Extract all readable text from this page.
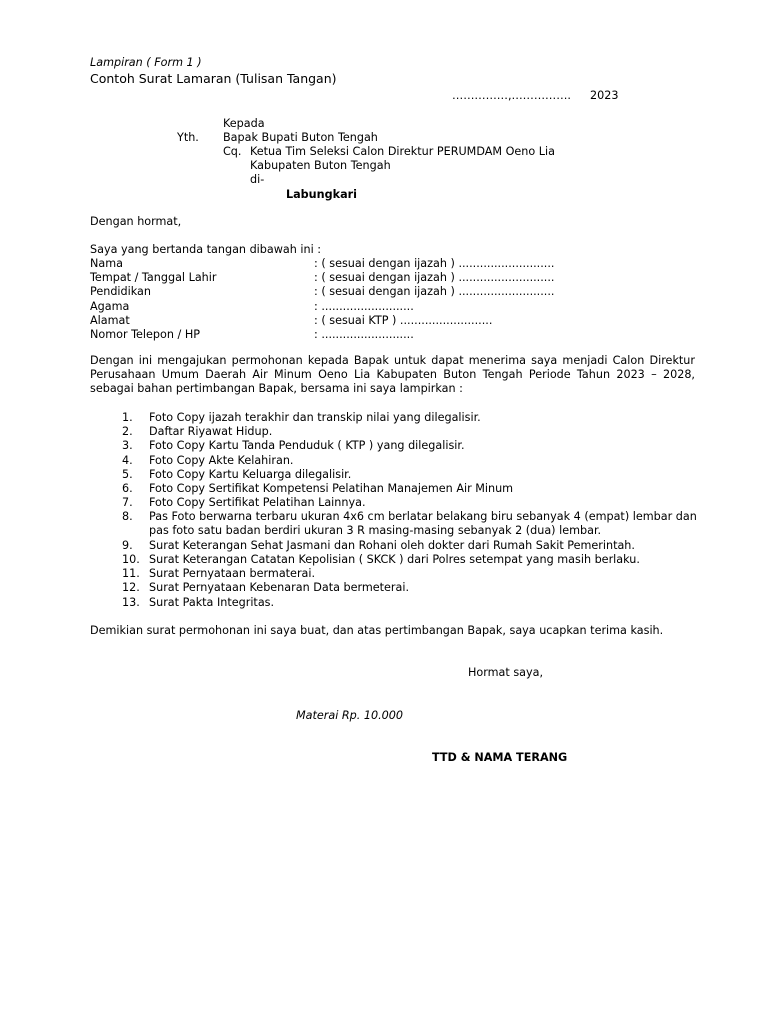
Lampiran ( Form 1 )
Contoh Surat Lamaran (Tulisan Tangan)
……………,……………. 2023
Kepada
Yth. Bapak Bupati Buton Tengah
Cq. Ketua Tim Seleksi Calon Direktur PERUMDAM Oeno Lia
Kabupaten Buton Tengah
di-
Labungkari
Dengan hormat,
Saya yang bertanda tangan dibawah ini :
Nama	: ( sesuai dengan ijazah ) ...........................
Tempat / Tanggal Lahir	: ( sesuai dengan ijazah ) ...........................
Pendidikan	: ( sesuai dengan ijazah ) ...........................
Agama	: ..........................
Alamat	: ( sesuai KTP ) ..........................
Nomor Telepon / HP	: ..........................
Dengan ini mengajukan permohonan kepada Bapak untuk dapat menerima saya menjadi Calon Direktur
Perusahaan Umum Daerah Air Minum Oeno Lia Kabupaten Buton Tengah Periode Tahun 2023 – 2028,
sebagai bahan pertimbangan Bapak, bersama ini saya lampirkan :
1. Foto Copy ijazah terakhir dan transkip nilai yang dilegalisir.
2. Daftar Riyawat Hidup.
3. Foto Copy Kartu Tanda Penduduk ( KTP ) yang dilegalisir.
4. Foto Copy Akte Kelahiran.
5. Foto Copy Kartu Keluarga dilegalisir.
6. Foto Copy Sertifikat Kompetensi Pelatihan Manajemen Air Minum
7. Foto Copy Sertifikat Pelatihan Lainnya.
8. Pas Foto berwarna terbaru ukuran 4x6 cm berlatar belakang biru sebanyak 4 (empat) lembar dan
pas foto satu badan berdiri ukuran 3 R masing-masing sebanyak 2 (dua) lembar.
9. Surat Keterangan Sehat Jasmani dan Rohani oleh dokter dari Rumah Sakit Pemerintah.
10. Surat Keterangan Catatan Kepolisian ( SKCK ) dari Polres setempat yang masih berlaku.
11. Surat Pernyataan bermaterai.
12. Surat Pernyataan Kebenaran Data bermeterai.
13. Surat Pakta Integritas.
Demikian surat permohonan ini saya buat, dan atas pertimbangan Bapak, saya ucapkan terima kasih.
Hormat saya,
Materai Rp. 10.000
TTD & NAMA TERANG
